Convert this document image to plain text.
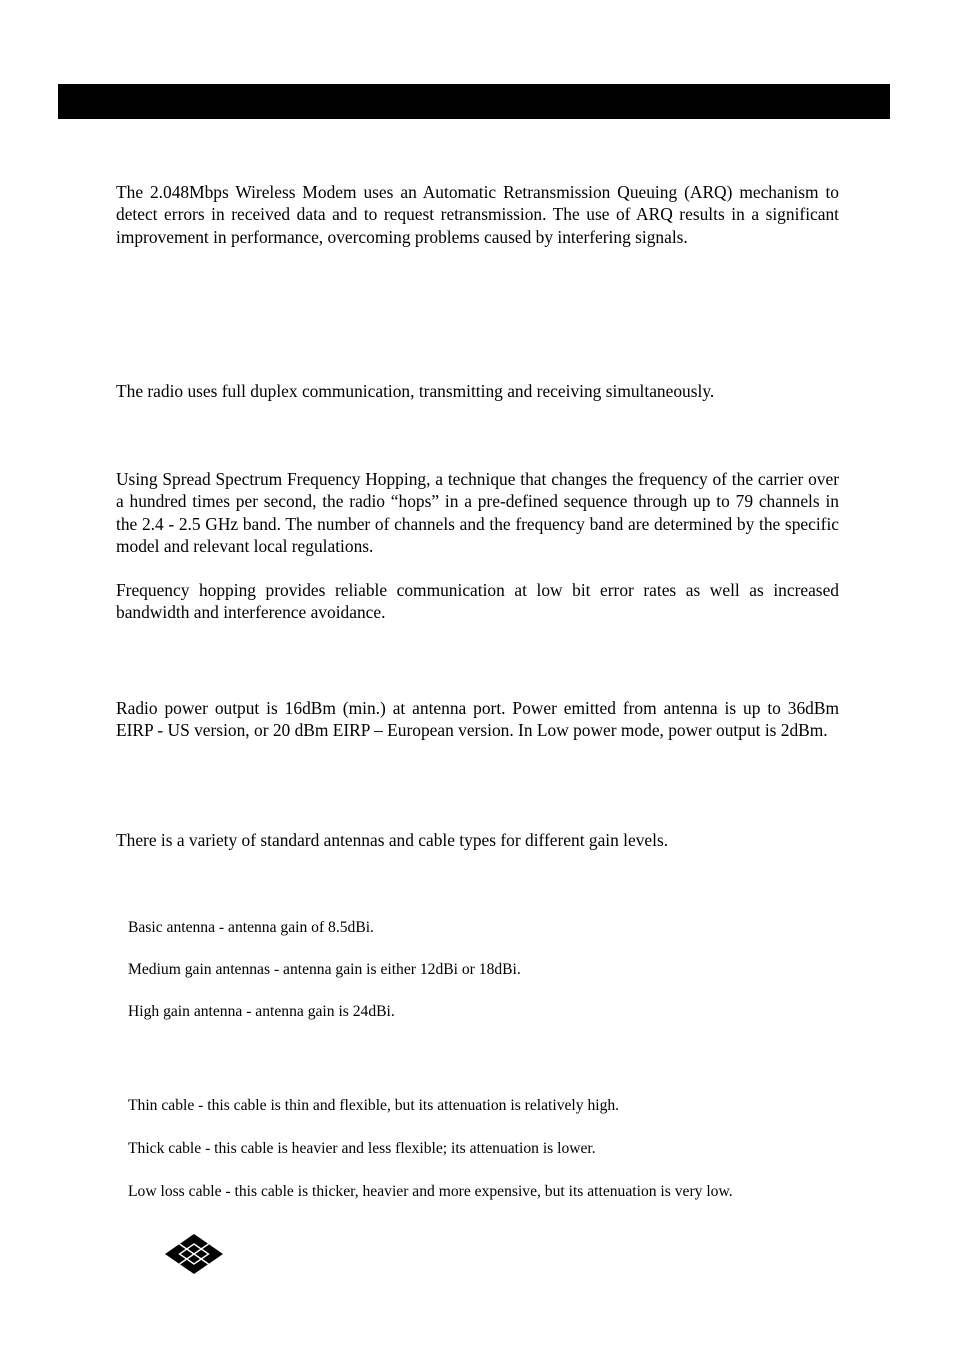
The 2.048Mbps Wireless Modem uses an Automatic Retransmission Queuing (ARQ) mechanism to detect errors in received data and to request retransmission. The use of ARQ results in a significant improvement in performance, overcoming problems caused by interfering signals.

The radio uses full duplex communication, transmitting and receiving simultaneously.

Using Spread Spectrum Frequency Hopping, a technique that changes the frequency of the carrier over a hundred times per second, the radio “hops” in a pre-defined sequence through up to 79 channels in the 2.4 - 2.5 GHz band. The number of channels and the frequency band are determined by the specific model and relevant local regulations.

Frequency hopping provides reliable communication at low bit error rates as well as increased bandwidth and interference avoidance.

Radio power output is 16dBm (min.) at antenna port. Power emitted from antenna is up to 36dBm EIRP - US version, or 20 dBm EIRP – European version. In Low power mode, power output is 2dBm.

There is a variety of standard antennas and cable types for different gain levels.

Basic antenna - antenna gain of 8.5dBi.

Medium gain antennas - antenna gain is either 12dBi or 18dBi.

High gain antenna - antenna gain is 24dBi.

Thin cable - this cable is thin and flexible, but its attenuation is relatively high.

Thick cable - this cable is heavier and less flexible; its attenuation is lower.

Low loss cable - this cable is thicker, heavier and more expensive, but its attenuation is very low.
